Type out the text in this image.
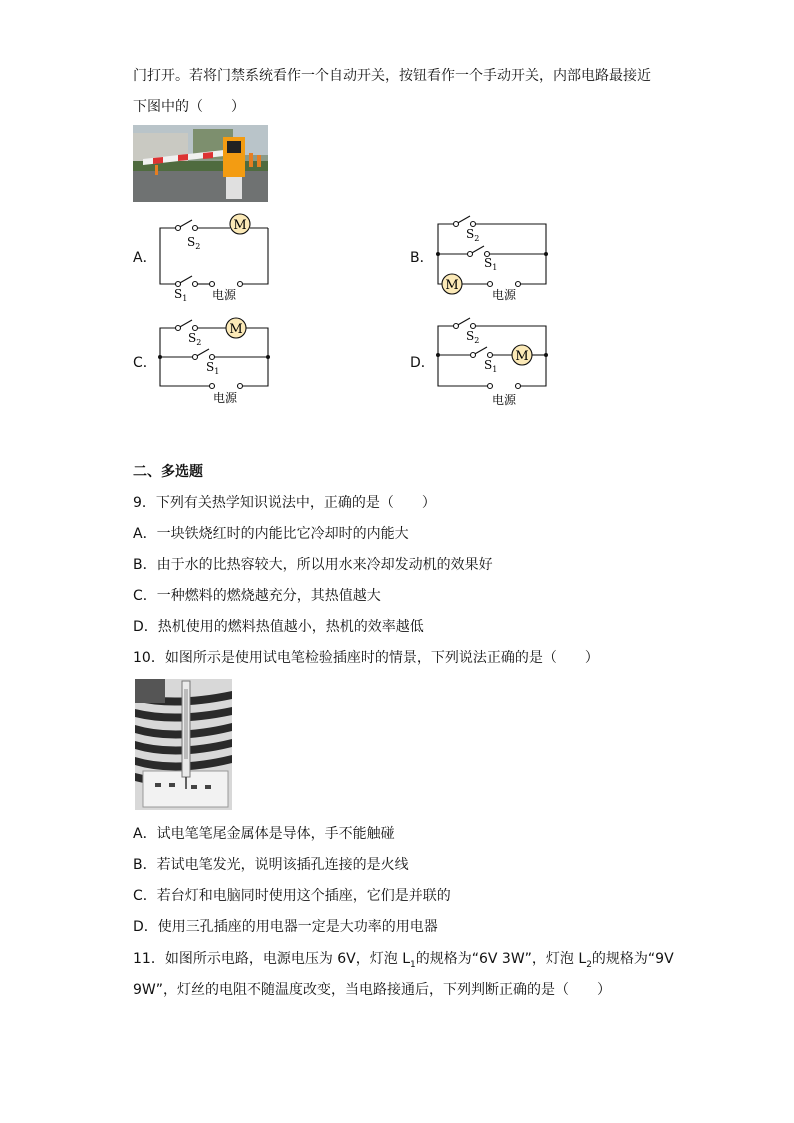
门打开。若将门禁系统看作一个自动开关，按钮看作一个手动开关，内部电路最接近
下图中的（　　）
A．
M
$S_2$
$S_1$ 电源
B．
M
$S_2$
$S_1$
电源
C．
M
$S_2$
$S_1$
电源
D．	M
$S_2$
$S_1$
电源
二、多选题
9．下列有关热学知识说法中，正确的是（　　）
A．一块铁烧红时的内能比它冷却时的内能大
B．由于水的比热容较大，所以用水来冷却发动机的效果好
C．一种燃料的燃烧越充分，其热值越大
D．热机使用的燃料热值越小，热机的效率越低
10．如图所示是使用试电笔检验插座时的情景，下列说法正确的是（　　）
A．试电笔笔尾金属体是导体，手不能触碰
B．若试电笔发光，说明该插孔连接的是火线
C．若台灯和电脑同时使用这个插座，它们是并联的
D．使用三孔插座的用电器一定是大功率的用电器
11．如图所示电路，电源电压为 6V，灯泡 $L_1$的规格为“6V 3W”，灯泡 $L_2$的规格为“9V
9W”，灯丝的电阻不随温度改变，当电路接通后，下列判断正确的是（　　）
